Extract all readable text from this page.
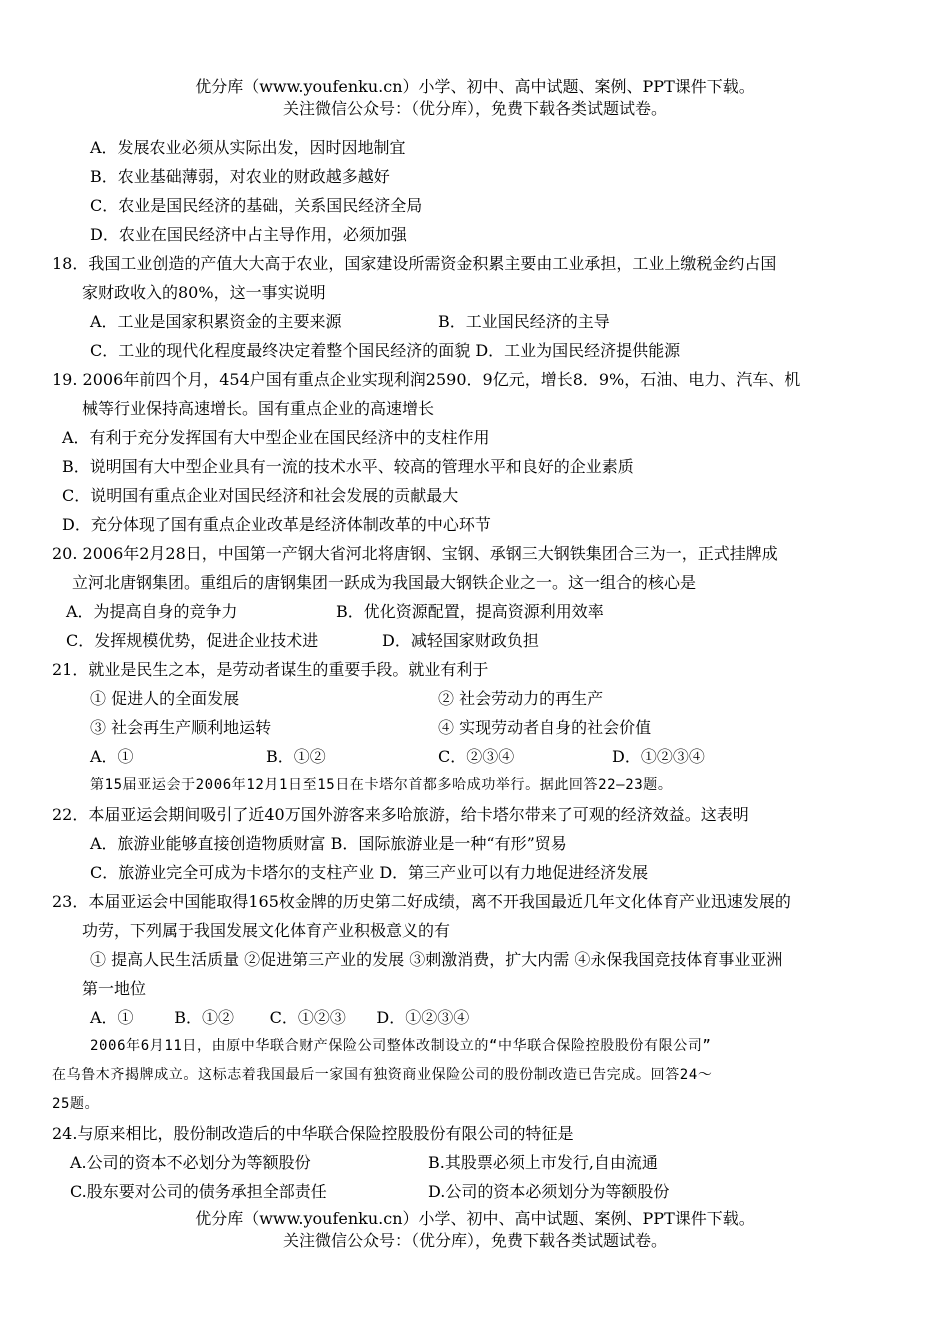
优分库（www.youfenku.cn）小学、初中、高中试题、案例、PPT课件下载。
关注微信公众号：（优分库），免费下载各类试题试卷。
A．发展农业必须从实际出发，因时因地制宜
B．农业基础薄弱，对农业的财政越多越好
C．农业是国民经济的基础，关系国民经济全局
D．农业在国民经济中占主导作用，必须加强
18．我国工业创造的产值大大高于农业，国家建设所需资金积累主要由工业承担，工业上缴税金约占国
家财政收入的80%，这一事实说明
A．工业是国家积累资金的主要来源	B．工业国民经济的主导
C．工业的现代化程度最终决定着整个国民经济的面貌 D．工业为国民经济提供能源
19. 2006年前四个月，454户国有重点企业实现利润2590．9亿元，增长8．9%，石油、电力、汽车、机
械等行业保持高速增长。国有重点企业的高速增长
A．有利于充分发挥国有大中型企业在国民经济中的支柱作用
B．说明国有大中型企业具有一流的技术水平、较高的管理水平和良好的企业素质
C．说明国有重点企业对国民经济和社会发展的贡献最大
D．充分体现了国有重点企业改革是经济体制改革的中心环节
20. 2006年2月28日，中国第一产钢大省河北将唐钢、宝钢、承钢三大钢铁集团合三为一，正式挂牌成
立河北唐钢集团。重组后的唐钢集团一跃成为我国最大钢铁企业之一。这一组合的核心是
A．为提高自身的竞争力	B．优化资源配置，提高资源利用效率
C．发挥规模优势，促进企业技术进	D．减轻国家财政负担
21．就业是民生之本，是劳动者谋生的重要手段。就业有利于
① 促进人的全面发展	② 社会劳动力的再生产
③ 社会再生产顺利地运转	④ 实现劳动者自身的社会价值
A．①	B．①②	C．②③④	D．①②③④
第15届亚运会于2006年12月1日至15日在卡塔尔首都多哈成功举行。据此回答22—23题。
22．本届亚运会期间吸引了近40万国外游客来多哈旅游，给卡塔尔带来了可观的经济效益。这表明
A．旅游业能够直接创造物质财富 B．国际旅游业是一种“有形”贸易
C．旅游业完全可成为卡塔尔的支柱产业 D．第三产业可以有力地促进经济发展
23．本届亚运会中国能取得165枚金牌的历史第二好成绩，离不开我国最近几年文化体育产业迅速发展的
功劳，下列属于我国发展文化体育产业积极意义的有
① 提高人民生活质量 ②促进第三产业的发展 ③刺激消费，扩大内需 ④永保我国竞技体育事业亚洲
第一地位
A．①        B．①②       C．①②③      D．①②③④
2006年6月11日，由原中华联合财产保险公司整体改制设立的“中华联合保险控股股份有限公司”
在乌鲁木齐揭牌成立。这标志着我国最后一家国有独资商业保险公司的股份制改造已告完成。回答24～
25题。
24.与原来相比，股份制改造后的中华联合保险控股股份有限公司的特征是
A.公司的资本不必划分为等额股份	B.其股票必须上市发行,自由流通
C.股东要对公司的债务承担全部责任	D.公司的资本必须划分为等额股份
优分库（www.youfenku.cn）小学、初中、高中试题、案例、PPT课件下载。
关注微信公众号：（优分库），免费下载各类试题试卷。
